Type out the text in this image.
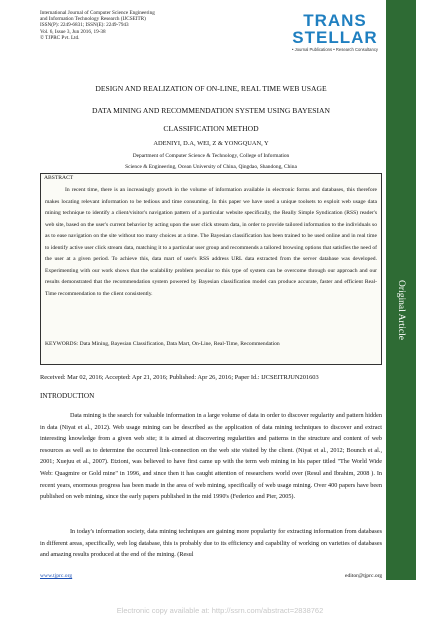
International Journal of Computer Science Engineering
and Information Technology Research (IJCSEITR)
ISSN(P): 2249-6831; ISSN(E): 2249-7943
Vol. 6, Issue 3, Jun 2016, 19-38
© TJPRC Pvt. Ltd.
TRANS
STELLAR
• Journal Publications • Research Consultancy
Original Article
DESIGN AND REALIZATION OF ON-LINE, REAL TIME WEB USAGE
DATA MINING AND RECOMMENDATION SYSTEM USING BAYESIAN
CLASSIFICATION METHOD
ADENIYI, D.A, WEI, Z & YONGQUAN, Y
Department of Computer Science & Technology, College of Information
Science & Engineering, Ocean University of China, Qingdao, Shandong, China
ABSTRACT
In recent time, there is an increasingly growth in the volume of information available in electronic forms and databases, this therefore makes locating relevant information to be tedious and time consuming. In this paper we have used a unique toolsets to exploit web usage data mining technique to identify a client/visitor's navigation pattern of a particular website specifically, the Really Simple Syndication (RSS) reader's web site, based on the user's current behavior by acting upon the user click stream data, in order to provide tailored information to the individuals so as to ease navigation on the site without too many choices at a time. The Bayesian classification has been trained to be used online and in real time to identify active user click stream data, matching it to a particular user group and recommends a tailored browsing options that satisfies the need of the user at a given period. To achieve this, data mart of user's RSS address URL data extracted from the server database was developed. Experimenting with our work shows that the scalability problem peculiar to this type of system can be overcome through our approach and our results demonstrated that the recommendation system powered by Bayesian classification model can produce accurate, faster and efficient Real-Time recommendation to the client consistently.
KEYWORDS: Data Mining, Bayesian Classification, Data Mart, On-Line, Real-Time, Recommendation
Received: Mar 02, 2016; Accepted: Apr 21, 2016; Published: Apr 26, 2016; Paper Id.: IJCSEITRJUN201603
INTRODUCTION
Data mining is the search for valuable information in a large volume of data in order to discover regularity and pattern hidden in data (Niyat et al., 2012). Web usage mining can be described as the application of data mining techniques to discover and extract interesting knowledge from a given web site; it is aimed at discovering regularities and patterns in the structure and content of web resources as well as to determine the occurred link-connection on the web site visited by the client. (Niyat et al., 2012; Bounch et al., 2001; Xuejuu et al., 2007). Etzioni, was believed to have first came up with the term web mining in his paper titled "The World Wide Web: Quagmire or Gold mine" in 1996, and since then it has caught attention of researchers world over (Resul and Ibrahim, 2008 ). In recent years, enormous progress has been made in the area of web mining, specifically of web usage mining. Over 400 papers have been published on web mining, since the early papers published in the mid 1990's (Federico and Pier, 2005).
In today's information society, data mining techniques are gaining more popularity for extracting information from databases in different areas, specifically, web log database, this is probably due to its efficiency and capability of working on varieties of databases and amazing results produced at the end of the mining. (Resul
www.tjprc.org	editor@tjprc.org
Electronic copy available at: http://ssrn.com/abstract=2838762
